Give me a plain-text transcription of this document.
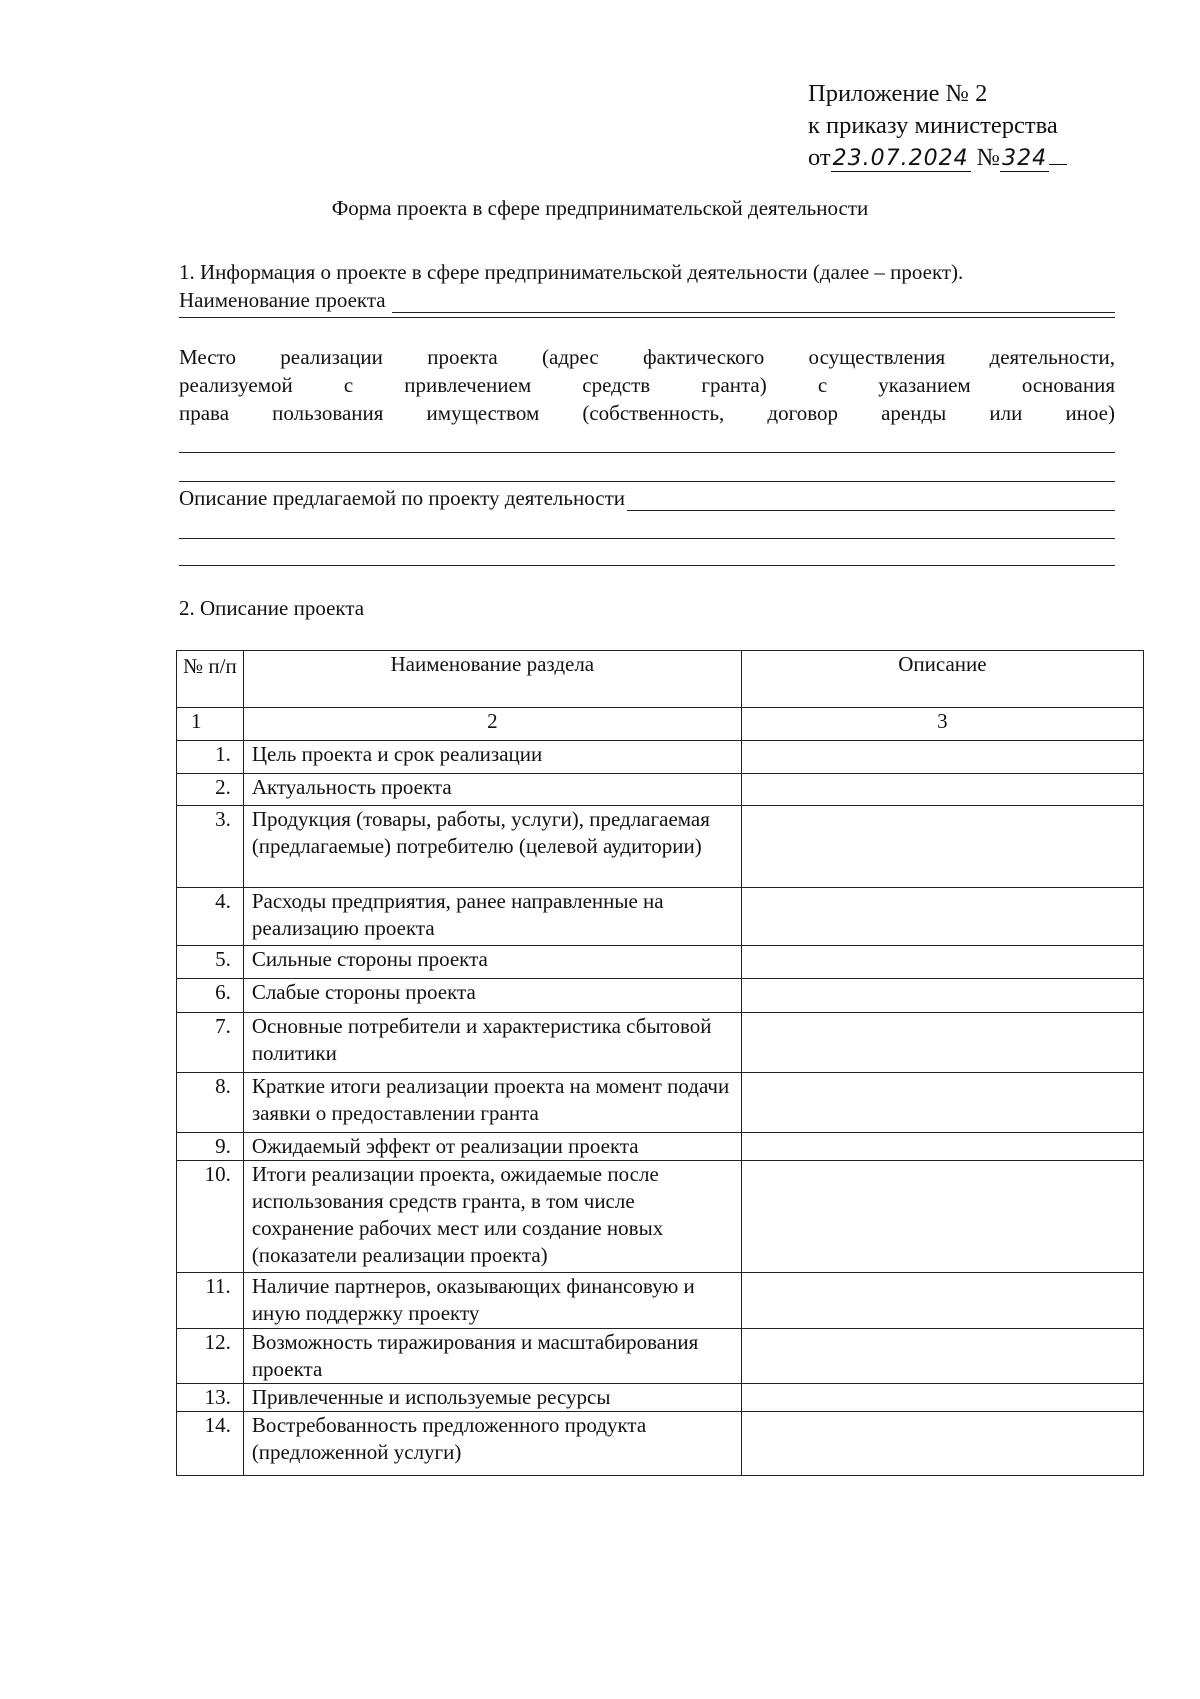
Приложение № 2
к приказу министерства
от23.07.2024 №324
Форма проекта в сфере предпринимательской деятельности
1. Информация о проекте в сфере предпринимательской деятельности (далее – проект).
Наименование проекта
Место реализации проекта (адрес фактического осуществления деятельности,
реализуемой с привлечением средств гранта) с указанием основания
права пользования имуществом (собственность, договор аренды или иное)
Описание предлагаемой по проекту деятельности
2. Описание проекта
№ п/п	Наименование раздела	Описание
1	2	3
1.	Цель проекта и срок реализации	
2.	Актуальность проекта	
3.	Продукция (товары, работы, услуги), предлагаемая (предлагаемые) потребителю (целевой аудитории)	
4.	Расходы предприятия, ранее направленные на реализацию проекта	
5.	Сильные стороны проекта	
6.	Слабые стороны проекта	
7.	Основные потребители и характеристика сбытовой политики	
8.	Краткие итоги реализации проекта на момент подачи заявки о предоставлении гранта	
9.	Ожидаемый эффект от реализации проекта	
10.	Итоги реализации проекта, ожидаемые после использования средств гранта, в том числе сохранение рабочих мест или создание новых (показатели реализации проекта)	
11.	Наличие партнеров, оказывающих финансовую и иную поддержку проекту	
12.	Возможность тиражирования и масштабирования проекта	
13.	Привлеченные и используемые ресурсы	
14.	Востребованность предложенного продукта (предложенной услуги)	
